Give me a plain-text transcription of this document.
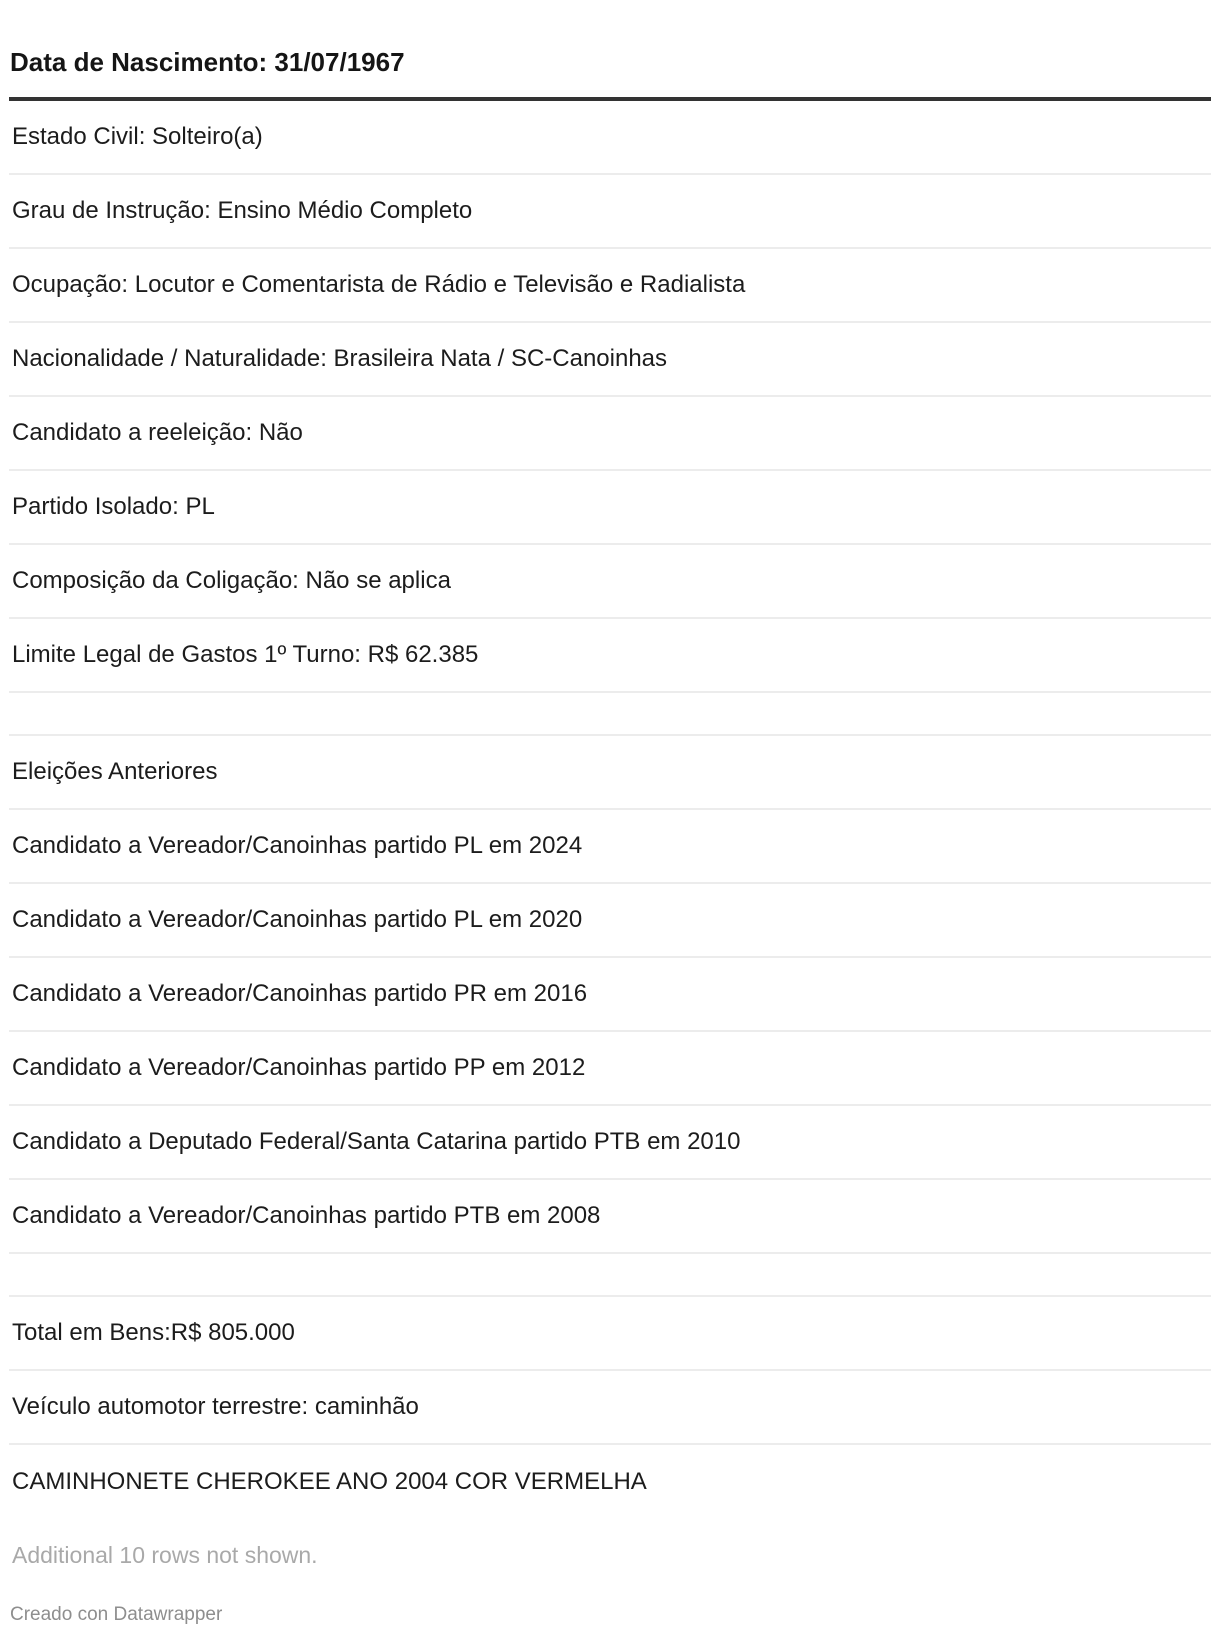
Data de Nascimento: 31/07/1967
Estado Civil: Solteiro(a)
Grau de Instrução: Ensino Médio Completo
Ocupação: Locutor e Comentarista de Rádio e Televisão e Radialista
Nacionalidade / Naturalidade: Brasileira Nata / SC-Canoinhas
Candidato a reeleição: Não
Partido Isolado: PL
Composição da Coligação: Não se aplica
Limite Legal de Gastos 1º Turno: R$ 62.385
Eleições Anteriores
Candidato a Vereador/Canoinhas partido PL em 2024
Candidato a Vereador/Canoinhas partido PL em 2020
Candidato a Vereador/Canoinhas partido PR em 2016
Candidato a Vereador/Canoinhas partido PP em 2012
Candidato a Deputado Federal/Santa Catarina partido PTB em 2010
Candidato a Vereador/Canoinhas partido PTB em 2008
Total em Bens:R$ 805.000
Veículo automotor terrestre: caminhão
CAMINHONETE CHEROKEE ANO 2004 COR VERMELHA
Additional 10 rows not shown.
Creado con Datawrapper
